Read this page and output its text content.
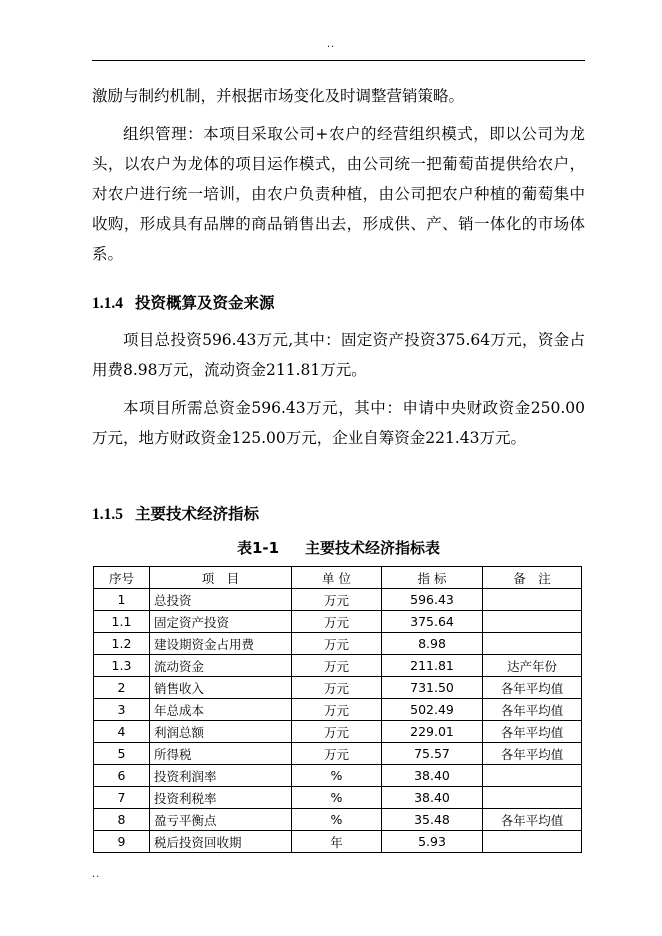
..
激励与制约机制，并根据市场变化及时调整营销策略。
组织管理：本项目采取公司+农户的经营组织模式，即以公司为龙头，以农户为龙体的项目运作模式，由公司统一把葡萄苗提供给农户，对农户进行统一培训，由农户负责种植，由公司把农户种植的葡萄集中收购，形成具有品牌的商品销售出去，形成供、产、销一体化的市场体系。
1.1.4 投资概算及资金来源
项目总投资596.43万元,其中：固定资产投资375.64万元，资金占用费8.98万元，流动资金211.81万元。
本项目所需总资金596.43万元，其中：申请中央财政资金250.00万元，地方财政资金125.00万元，企业自筹资金221.43万元。
1.1.5 主要技术经济指标
表1-1 主要技术经济指标表
序号	项　目	单 位	指 标	备　注
1	总投资	万元	596.43	
1.1	固定资产投资	万元	375.64	
1.2	建设期资金占用费	万元	8.98	
1.3	流动资金	万元	211.81	达产年份
2	销售收入	万元	731.50	各年平均值
3	年总成本	万元	502.49	各年平均值
4	利润总额	万元	229.01	各年平均值
5	所得税	万元	75.57	各年平均值
6	投资利润率	%	38.40	
7	投资利税率	%	38.40	
8	盈亏平衡点	%	35.48	各年平均值
9	税后投资回收期	年	5.93	
..
